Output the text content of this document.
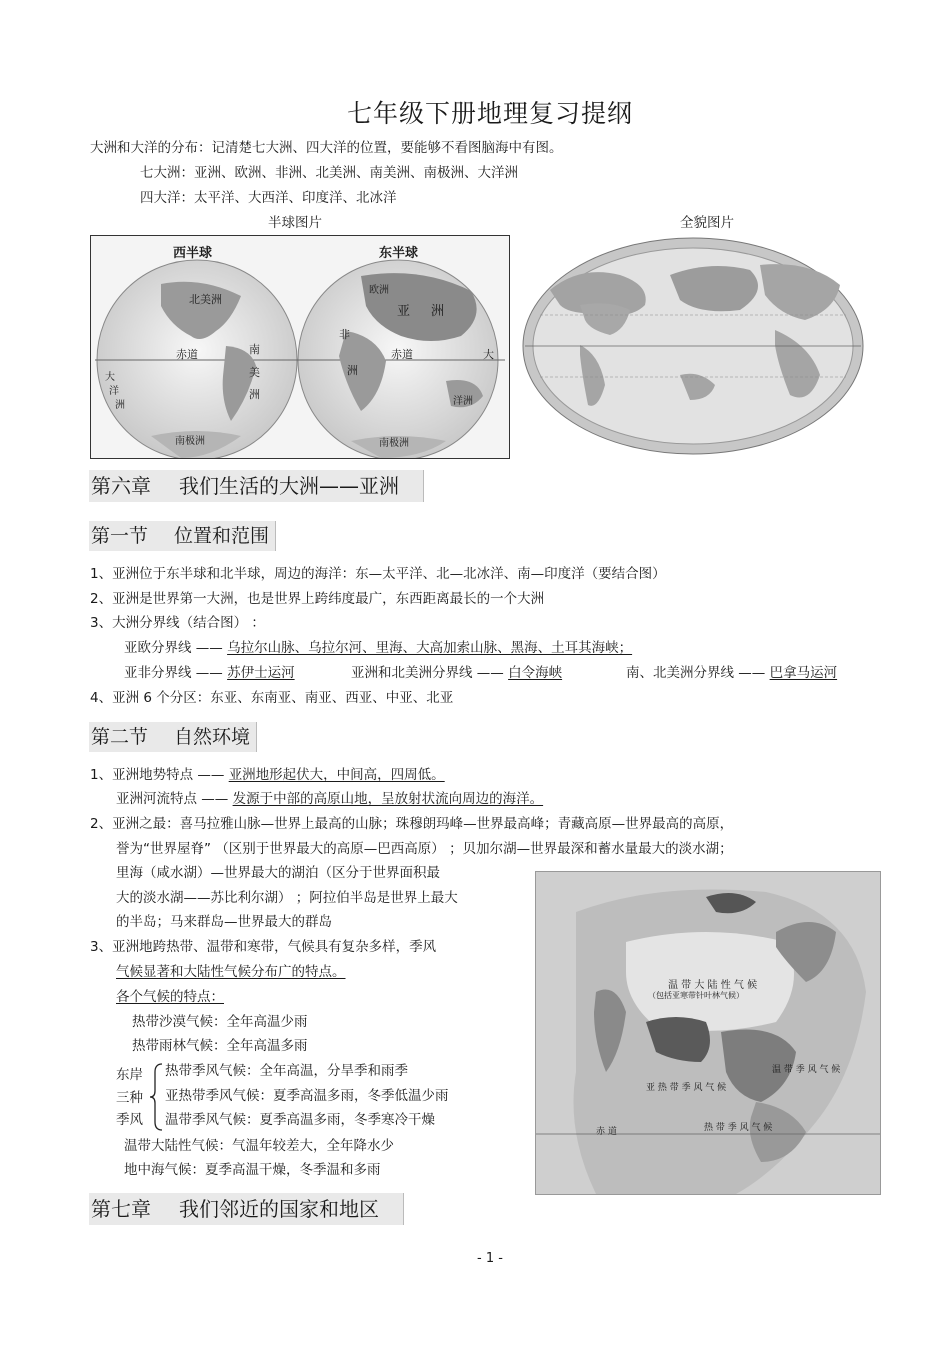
七年级下册地理复习提纲
大洲和大洋的分布：记清楚七大洲、四大洋的位置，要能够不看图脑海中有图。
七大洲：亚洲、欧洲、非洲、北美洲、南美洲、南极洲、大洋洲
四大洋：太平洋、大西洋、印度洋、北冰洋
半球图片	全貌图片
西半球	东半球
北美洲
赤道	南
美
洲
大
洋
洲
南极洲
欧洲
亚 洲
非
洲
赤道	大
洋洲
南极洲
第六章 我们生活的大洲——亚洲
第一节 位置和范围
1、亚洲位于东半球和北半球，周边的海洋：东—太平洋、北—北冰洋、南—印度洋（要结合图）
2、亚洲是世界第一大洲，也是世界上跨纬度最广，东西距离最长的一个大洲
3、大洲分界线（结合图） ：
亚欧分界线 —— 乌拉尔山脉、乌拉尔河、里海、大高加索山脉、黑海、土耳其海峡；
亚非分界线 —— 苏伊士运河	亚洲和北美洲分界线 —— 白令海峡	南、北美洲分界线 —— 巴拿马运河
4、亚洲 6 个分区：东亚、东南亚、南亚、西亚、中亚、北亚
第二节 自然环境
1、亚洲地势特点 —— 亚洲地形起伏大，中间高，四周低。
亚洲河流特点 —— 发源于中部的高原山地，呈放射状流向周边的海洋。
2、亚洲之最：喜马拉雅山脉—世界上最高的山脉；珠穆朗玛峰—世界最高峰；青藏高原—世界最高的高原，
誉为“世界屋脊” （区别于世界最大的高原—巴西高原） ；贝加尔湖—世界最深和蓄水量最大的淡水湖；
里海（咸水湖）—世界最大的湖泊（区分于世界面积最
大的淡水湖——苏比利尔湖） ；阿拉伯半岛是世界上最大
的半岛；马来群岛—世界最大的群岛
3、亚洲地跨热带、温带和寒带，气候具有复杂多样，季风
气候显著和大陆性气候分布广的特点。
各个气候的特点：
热带沙漠气候：全年高温少雨
热带雨林气候：全年高温多雨
东岸
三种
季风
热带季风气候：全年高温，分旱季和雨季
亚热带季风气候：夏季高温多雨，冬季低温少雨
温带季风气候：夏季高温多雨，冬季寒冷干燥
温带大陆性气候：气温年较差大，全年降水少
地中海气候：夏季高温干燥，冬季温和多雨
温 带 大 陆 性 气 候
（包括亚寒带针叶林气候）
温 带 季 风 气 候
亚 热 带 季 风 气 候
热 带 季 风 气 候
赤 道
第七章 我们邻近的国家和地区
- 1 -
